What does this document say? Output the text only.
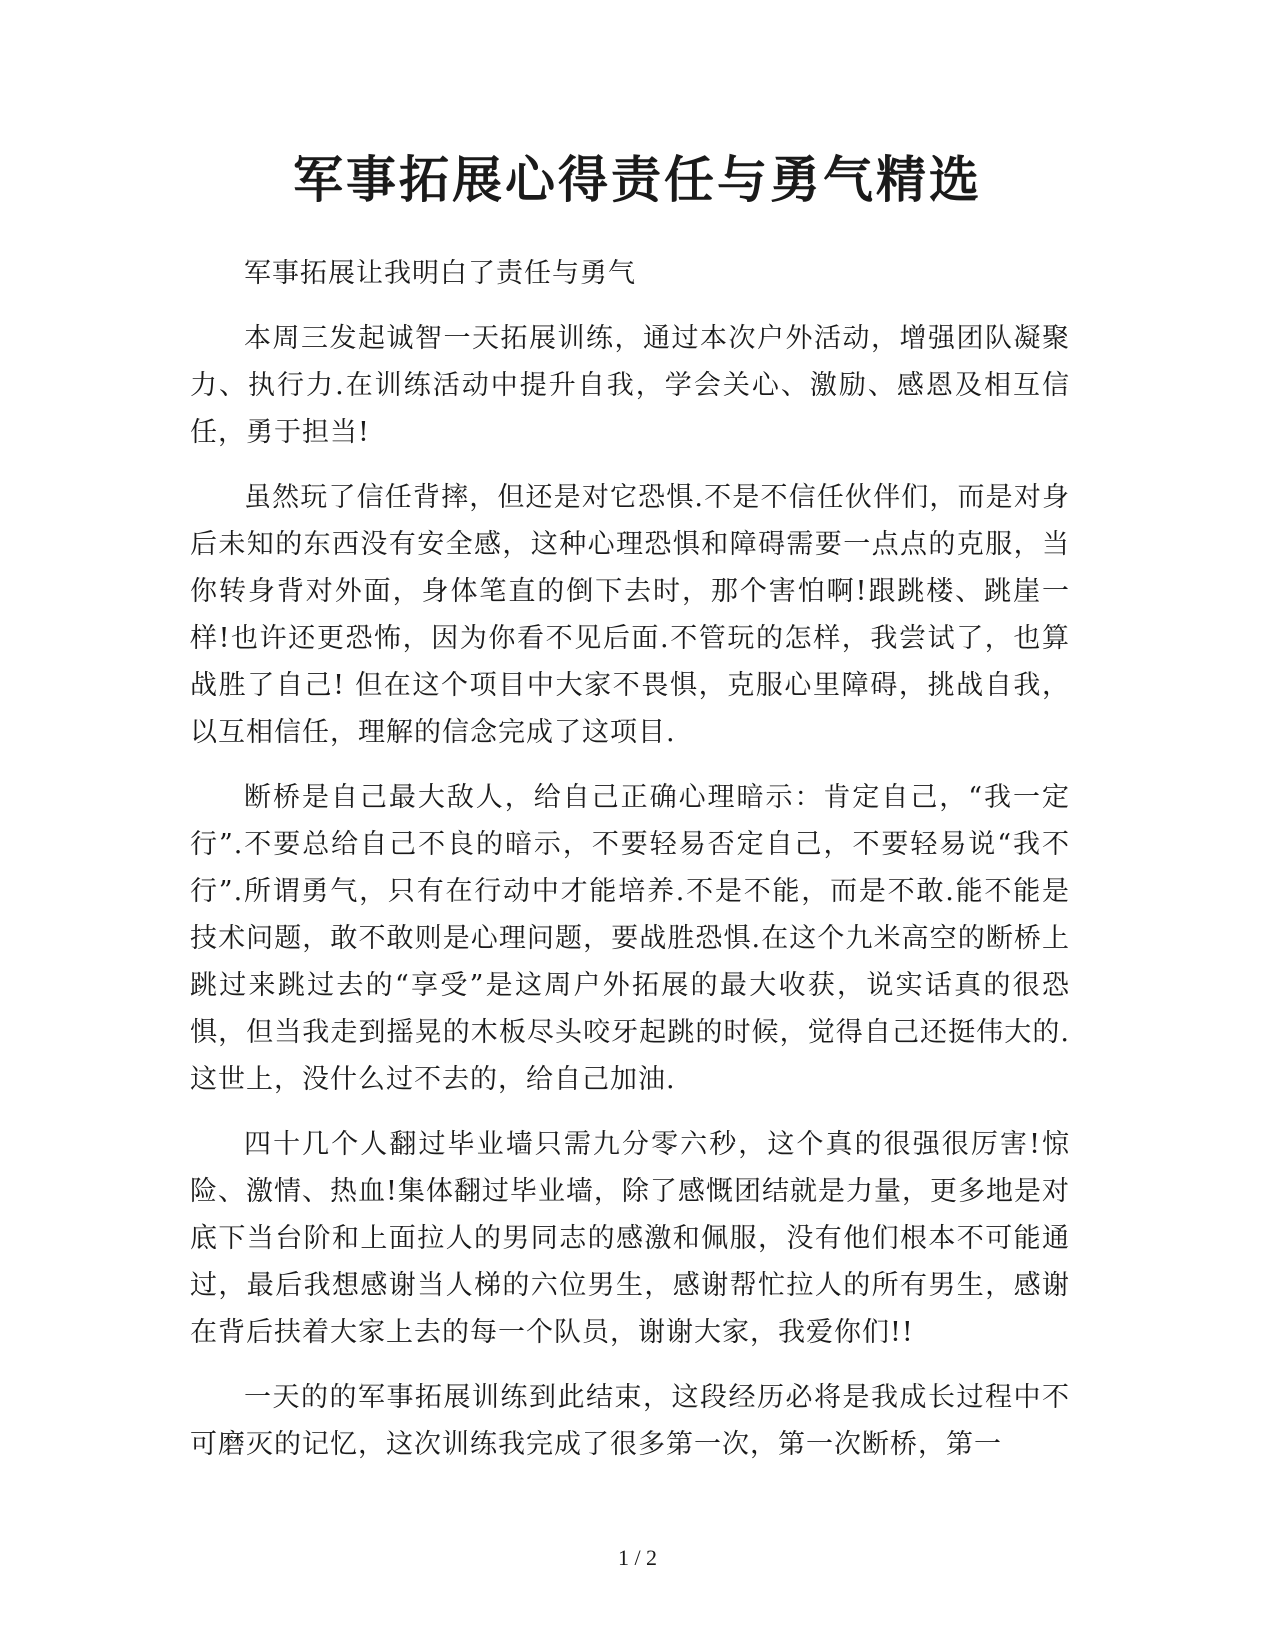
军事拓展心得责任与勇气精选

军事拓展让我明白了责任与勇气

本周三发起诚智一天拓展训练，通过本次户外活动，增强团队凝聚力、执行力.在训练活动中提升自我，学会关心、激励、感恩及相互信任，勇于担当!

虽然玩了信任背摔，但还是对它恐惧.不是不信任伙伴们，而是对身后未知的东西没有安全感，这种心理恐惧和障碍需要一点点的克服，当你转身背对外面，身体笔直的倒下去时，那个害怕啊!跟跳楼、跳崖一样!也许还更恐怖，因为你看不见后面.不管玩的怎样，我尝试了，也算战胜了自己! 但在这个项目中大家不畏惧，克服心里障碍，挑战自我，以互相信任，理解的信念完成了这项目.

断桥是自己最大敌人，给自己正确心理暗示：肯定自己，“我一定行”.不要总给自己不良的暗示，不要轻易否定自己，不要轻易说“我不行”.所谓勇气，只有在行动中才能培养.不是不能，而是不敢.能不能是技术问题，敢不敢则是心理问题，要战胜恐惧.在这个九米高空的断桥上跳过来跳过去的“享受”是这周户外拓展的最大收获，说实话真的很恐惧，但当我走到摇晃的木板尽头咬牙起跳的时候，觉得自己还挺伟大的.这世上，没什么过不去的，给自己加油.

四十几个人翻过毕业墙只需九分零六秒，这个真的很强很厉害!惊险、激情、热血!集体翻过毕业墙，除了感慨团结就是力量，更多地是对底下当台阶和上面拉人的男同志的感激和佩服，没有他们根本不可能通过，最后我想感谢当人梯的六位男生，感谢帮忙拉人的所有男生，感谢在背后扶着大家上去的每一个队员，谢谢大家，我爱你们!!

一天的的军事拓展训练到此结束，这段经历必将是我成长过程中不可磨灭的记忆，这次训练我完成了很多第一次，第一次断桥，第一

1 / 2
